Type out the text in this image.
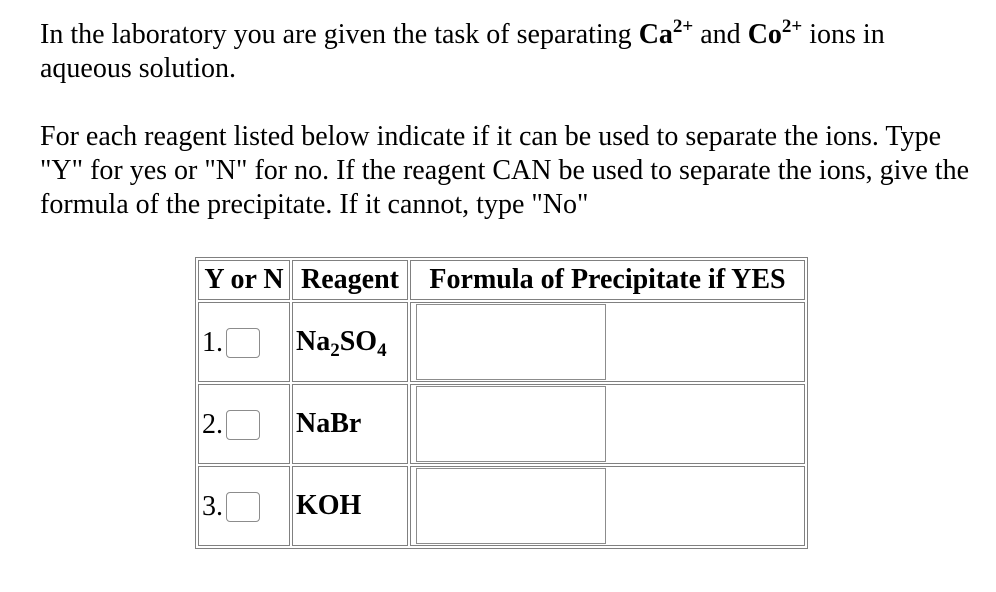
In the laboratory you are given the task of separating $Ca^{2+}$ and $Co^{2+}$ ions in aqueous solution.

For each reagent listed below indicate if it can be used to separate the ions. Type "Y" for yes or "N" for no. If the reagent CAN be used to separate the ions, give the formula of the precipitate. If it cannot, type "No"

Y or N	Reagent	Formula of Precipitate if YES
1.	$Na_2SO_4$	

2.	NaBr	

3.	KOH	
